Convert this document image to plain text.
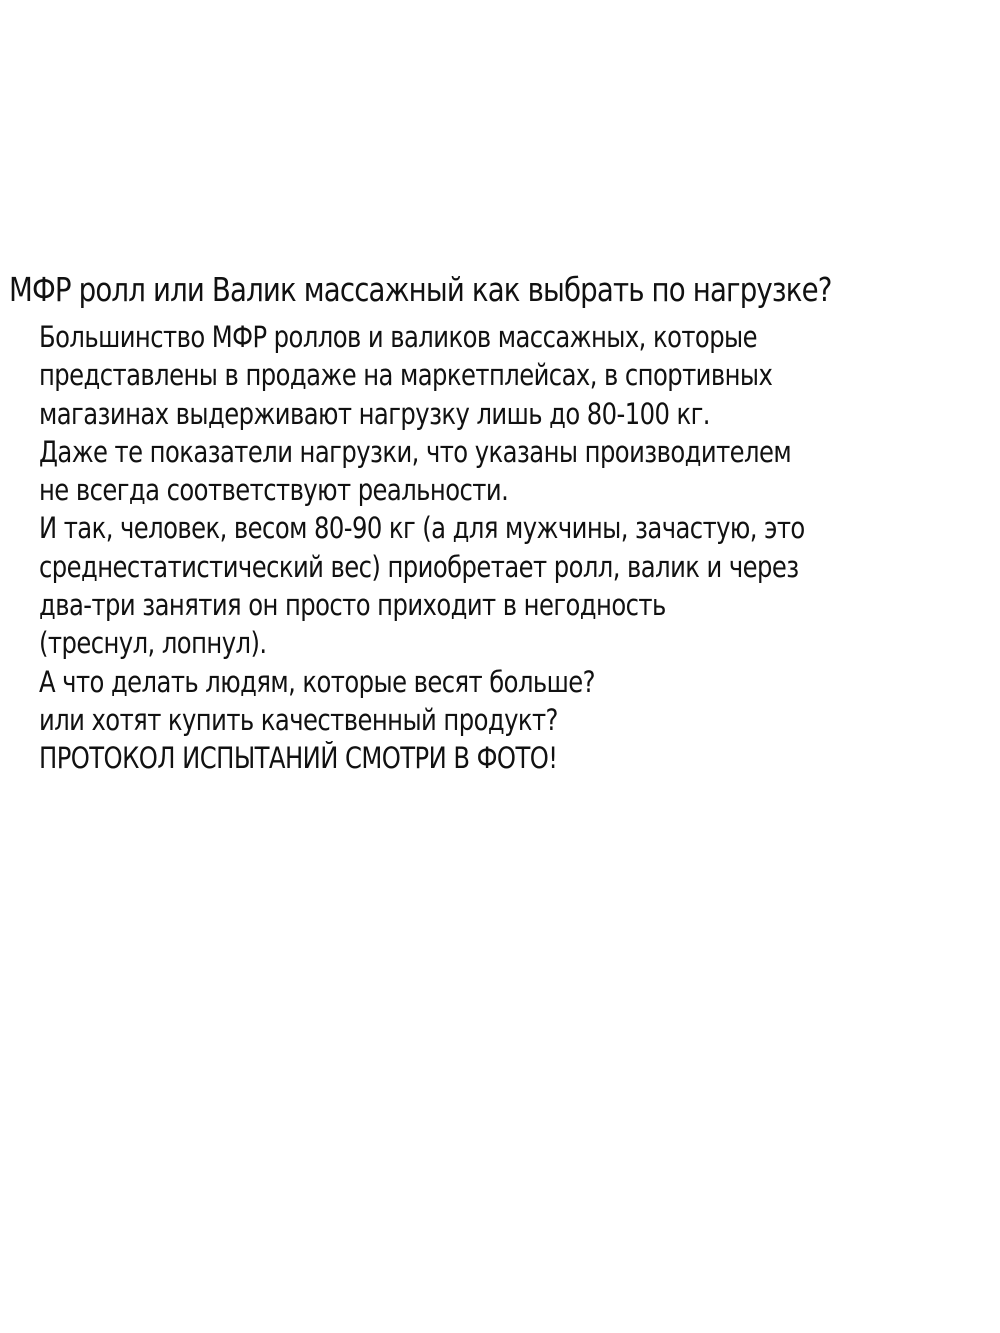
МФР ролл или Валик массажный как выбрать по нагрузке?
Большинство МФР роллов и валиков массажных, которые
представлены в продаже на маркетплейсах, в спортивных
магазинах выдерживают нагрузку лишь до 80-100 кг.
Даже те показатели нагрузки, что указаны производителем
не всегда соответствуют реальности.
И так, человек, весом 80-90 кг (а для мужчины, зачастую, это
среднестатистический вес) приобретает ролл, валик и через
два-три занятия он просто приходит в негодность
(треснул, лопнул).
А что делать людям, которые весят больше?
или хотят купить качественный продукт?
ПРОТОКОЛ ИСПЫТАНИЙ СМОТРИ В ФОТО!
